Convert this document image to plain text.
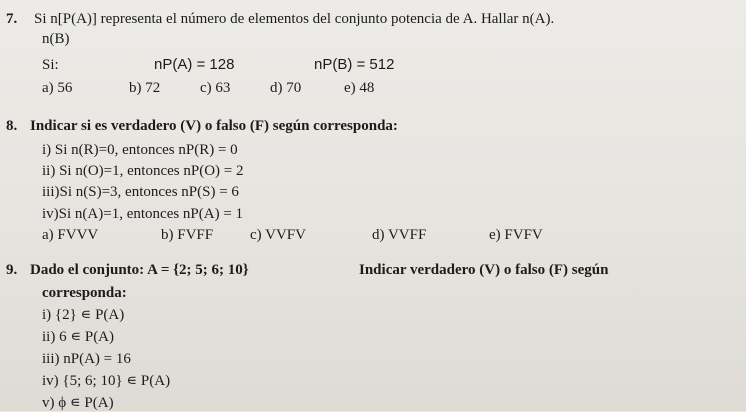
7. Si n[P(A)] representa el número de elementos del conjunto potencia de A. Hallar n(A).
n(B)
Si:	nP(A) = 128	nP(B) = 512
a) 56	b) 72	c) 63	d) 70	e) 48
8. Indicar si es verdadero (V) o falso (F) según corresponda:
i) Si n(R)=0, entonces nP(R) = 0
ii) Si n(O)=1, entonces nP(O) = 2
iii)Si n(S)=3, entonces nP(S) = 6
iv)Si n(A)=1, entonces nP(A) = 1
a) FVVV	b) FVFF c) VVFV	d) VVFF	e) FVFV
9. Dado el conjunto: A = {2; 5; 6; 10}	Indicar verdadero (V) o falso (F) según
corresponda:
i) {2} ∊ P(A)
ii) 6 ∊ P(A)
iii) nP(A) = 16
iv) {5; 6; 10} ∊ P(A)
v) ϕ ∊ P(A)
